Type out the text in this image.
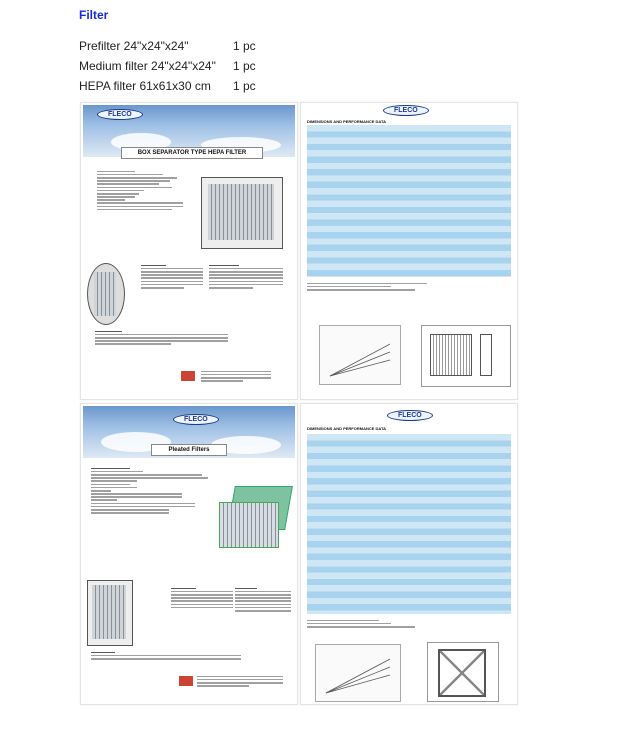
Filter
Prefilter 24"x24"x24"	1 pc
Medium filter 24"x24"x24" 1 pc
HEPA filter 61x61x30 cm 1 pc
FLECO
BOX SEPARATOR TYPE HEPA FILTER
FLECO
DIMENSIONS AND PERFORMANCE DATA
FLECO
Pleated Filters
FLECO
DIMENSIONS AND PERFORMANCE DATA
